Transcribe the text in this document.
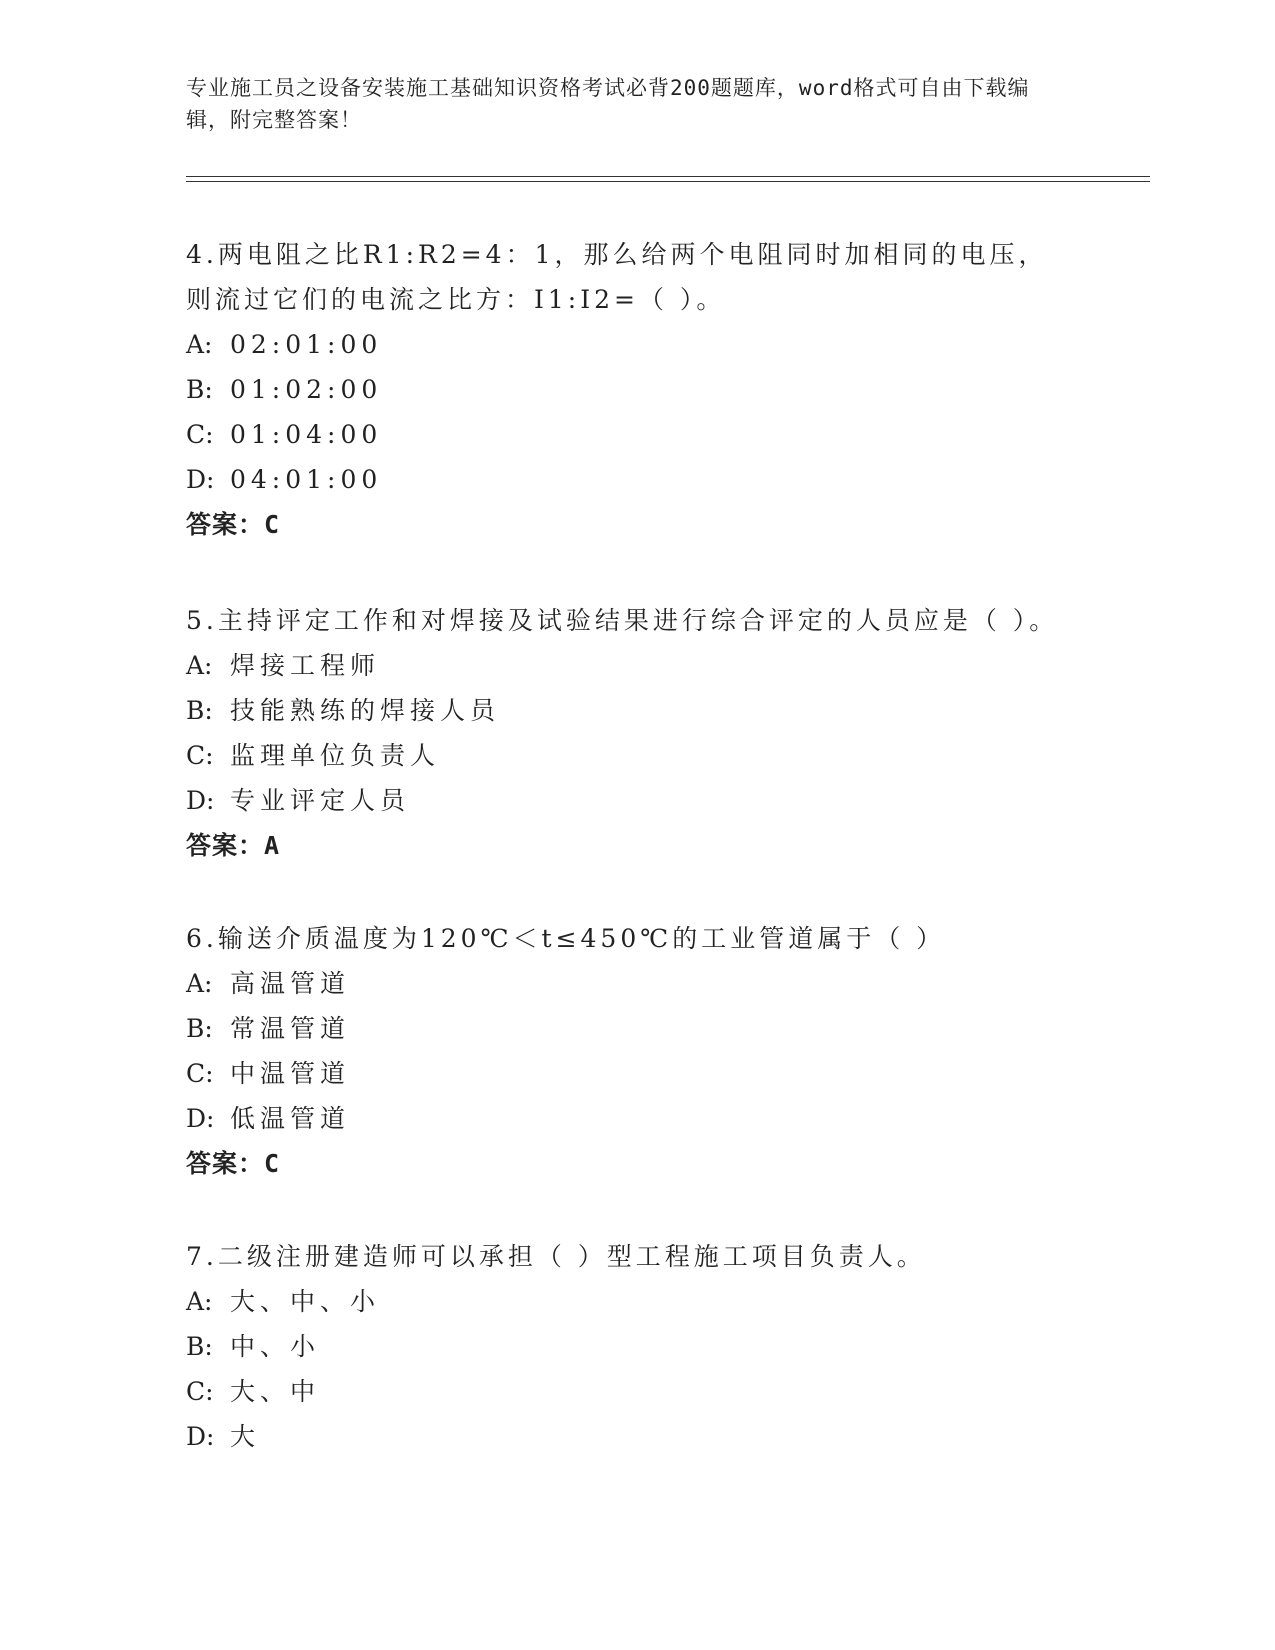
专业施工员之设备安装施工基础知识资格考试必背200题题库，word格式可自由下载编辑，附完整答案！

4.两电阻之比R1:R2=4：1，那么给两个电阻同时加相同的电压，则流过它们的电流之比方：I1:I2=（ ）。

A: 02:01:00

B: 01:02:00

C: 01:04:00

D: 04:01:00

答案：C

5.主持评定工作和对焊接及试验结果进行综合评定的人员应是（ ）。

A: 焊接工程师

B: 技能熟练的焊接人员

C: 监理单位负责人

D: 专业评定人员

答案：A

6.输送介质温度为120℃＜t≤450℃的工业管道属于（ ）

A: 高温管道

B: 常温管道

C: 中温管道

D: 低温管道

答案：C

7.二级注册建造师可以承担（ ）型工程施工项目负责人。

A: 大、中、小

B: 中、小

C: 大、中

D: 大
